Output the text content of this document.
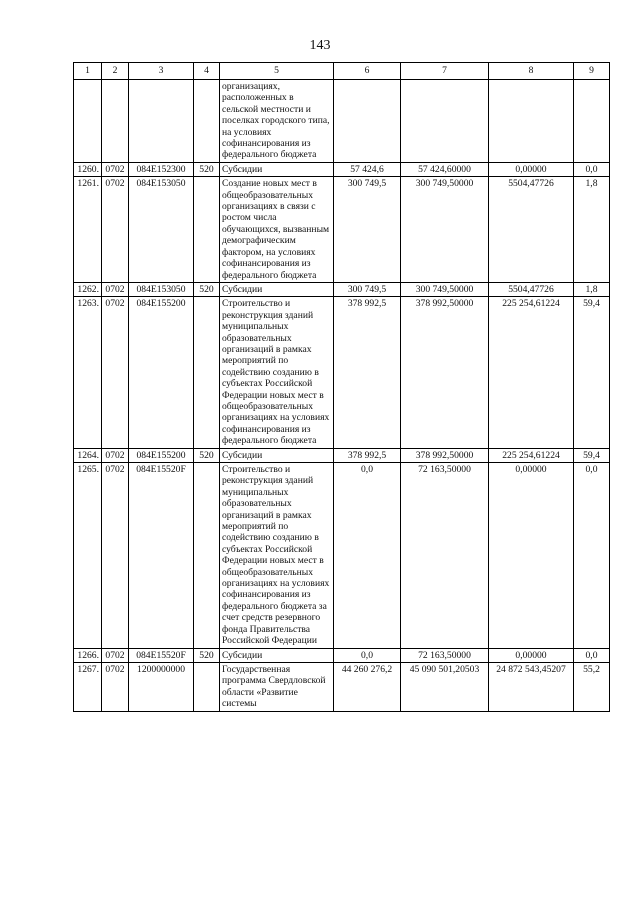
143
1	2	3	4	5	6	7	8	9
				организациях, расположенных в сельской местности и поселках городского типа, на условиях софинансирования из федерального бюджета				
1260.	0702	084E152300	520	Субсидии	57 424,6	57 424,60000	0,00000	0,0
1261.	0702	084E153050		Создание новых мест в общеобразовательных организациях в связи с ростом числа обучающихся, вызванным демографическим фактором, на условиях софинансирования из федерального бюджета	300 749,5	300 749,50000	5504,47726	1,8
1262.	0702	084E153050	520	Субсидии	300 749,5	300 749,50000	5504,47726	1,8
1263.	0702	084E155200		Строительство и реконструкция зданий муниципальных образовательных организаций в рамках мероприятий по содействию созданию в субъектах Российской Федерации новых мест в общеобразовательных организациях на условиях софинансирования из федерального бюджета	378 992,5	378 992,50000	225 254,61224	59,4
1264.	0702	084E155200	520	Субсидии	378 992,5	378 992,50000	225 254,61224	59,4
1265.	0702	084E15520F		Строительство и реконструкция зданий муниципальных образовательных организаций в рамках мероприятий по содействию созданию в субъектах Российской Федерации новых мест в общеобразовательных организациях на условиях софинансирования из федерального бюджета за счет средств резервного фонда Правительства Российской Федерации	0,0	72 163,50000	0,00000	0,0
1266.	0702	084E15520F	520	Субсидии	0,0	72 163,50000	0,00000	0,0
1267.	0702	1200000000		Государственная программа Свердловской области «Развитие системы	44 260 276,2	45 090 501,20503	24 872 543,45207	55,2
